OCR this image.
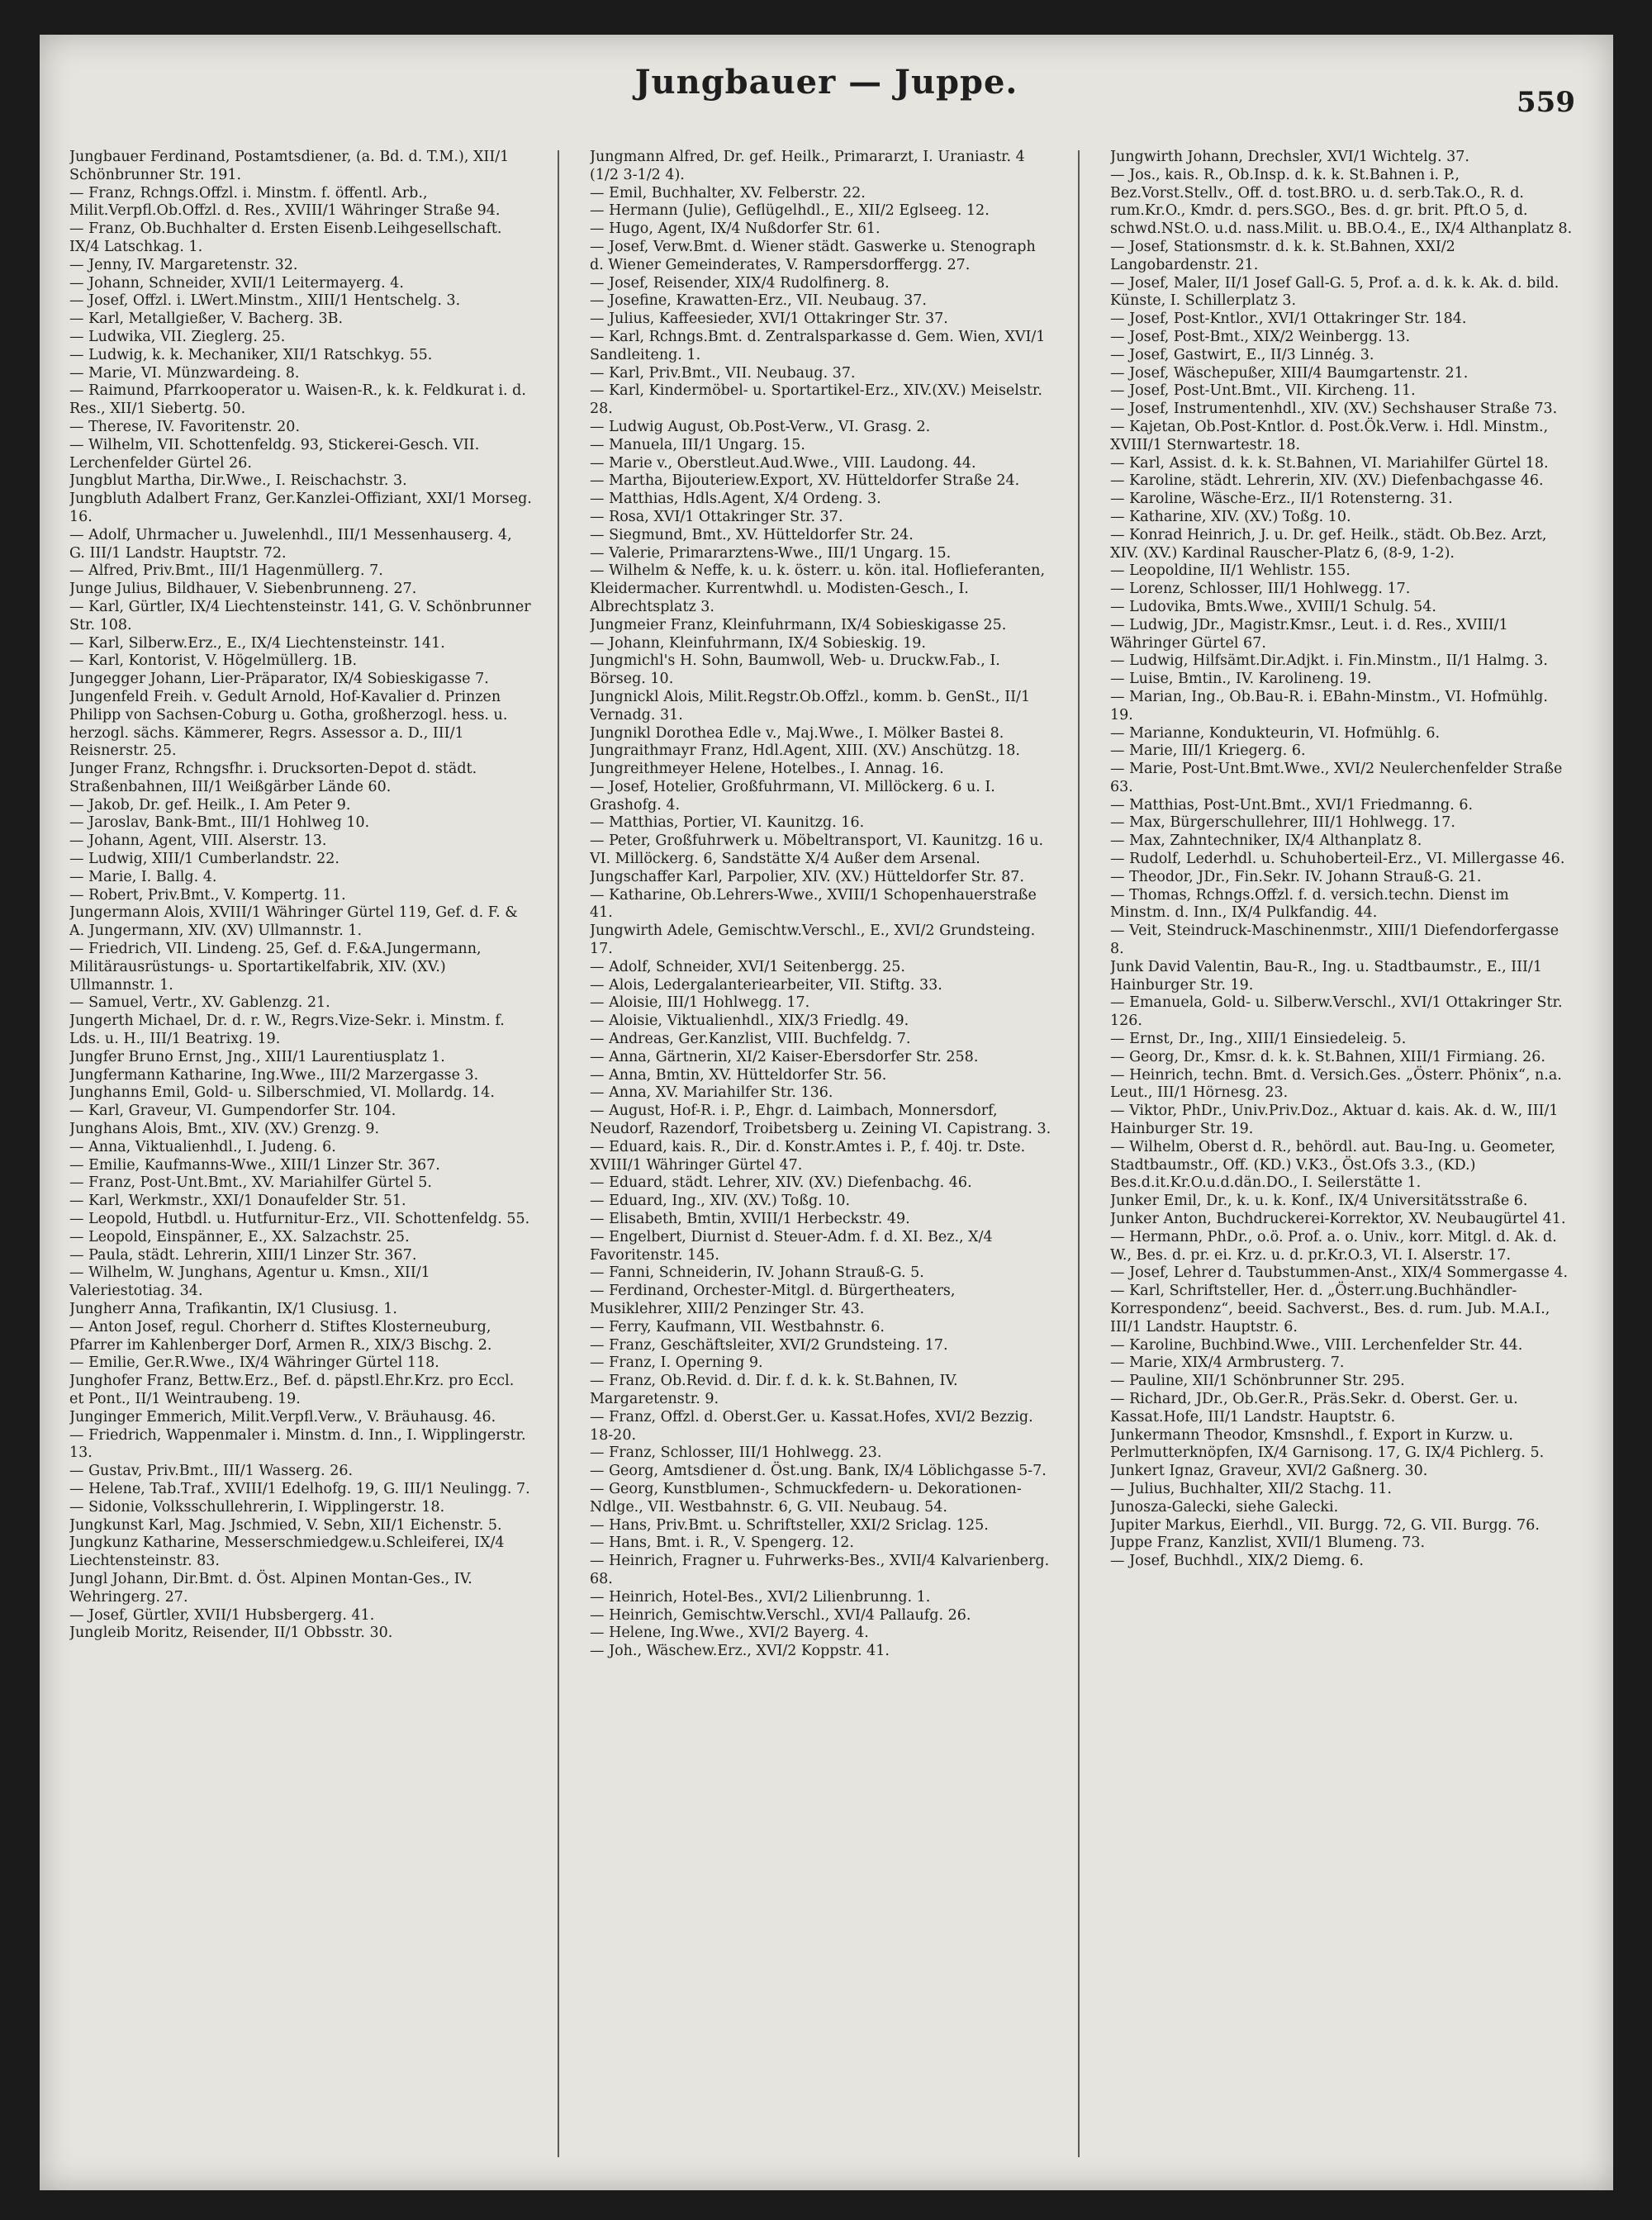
Jungbauer — Juppe.
559
Jungbauer Ferdinand, Postamtsdiener, (a. Bd. d. T.M.), XII/1 Schönbrunner Str. 191.
— Franz, Rchngs.Offzl. i. Minstm. f. öffentl. Arb., Milit.Verpfl.Ob.Offzl. d. Res., XVIII/1 Währinger Straße 94.
— Franz, Ob.Buchhalter d. Ersten Eisenb.Leihgesellschaft. IX/4 Latschkag. 1.
— Jenny, IV. Margaretenstr. 32.
— Johann, Schneider, XVII/1 Leitermayerg. 4.
— Josef, Offzl. i. LWert.Minstm., XIII/1 Hentschelg. 3.
— Karl, Metallgießer, V. Bacherg. 3B.
— Ludwika, VII. Zieglerg. 25.
— Ludwig, k. k. Mechaniker, XII/1 Ratschkyg. 55.
— Marie, VI. Münzwardeing. 8.
— Raimund, Pfarrkooperator u. Waisen-R., k. k. Feldkurat i. d. Res., XII/1 Siebertg. 50.
— Therese, IV. Favoritenstr. 20.
— Wilhelm, VII. Schottenfeldg. 93, Stickerei-Gesch. VII. Lerchenfelder Gürtel 26.
Jungblut Martha, Dir.Wwe., I. Reischachstr. 3.
Jungbluth Adalbert Franz, Ger.Kanzlei-Offiziant, XXI/1 Morseg. 16.
— Adolf, Uhrmacher u. Juwelenhdl., III/1 Messenhauserg. 4, G. III/1 Landstr. Hauptstr. 72.
— Alfred, Priv.Bmt., III/1 Hagenmüllerg. 7.
Junge Julius, Bildhauer, V. Siebenbrunneng. 27.
— Karl, Gürtler, IX/4 Liechtensteinstr. 141, G. V. Schönbrunner Str. 108.
— Karl, Silberw.Erz., E., IX/4 Liechtensteinstr. 141.
— Karl, Kontorist, V. Högelmüllerg. 1B.
Jungegger Johann, Lier-Präparator, IX/4 Sobieskigasse 7.
Jungenfeld Freih. v. Gedult Arnold, Hof-Kavalier d. Prinzen Philipp von Sachsen-Coburg u. Gotha, großherzogl. hess. u. herzogl. sächs. Kämmerer, Regrs. Assessor a. D., III/1 Reisnerstr. 25.
Junger Franz, Rchngsfhr. i. Drucksorten-Depot d. städt. Straßenbahnen, III/1 Weißgärber Lände 60.
— Jakob, Dr. gef. Heilk., I. Am Peter 9.
— Jaroslav, Bank-Bmt., III/1 Hohlweg 10.
— Johann, Agent, VIII. Alserstr. 13.
— Ludwig, XIII/1 Cumberlandstr. 22.
— Marie, I. Ballg. 4.
— Robert, Priv.Bmt., V. Kompertg. 11.
Jungermann Alois, XVIII/1 Währinger Gürtel 119, Gef. d. F. & A. Jungermann, XIV. (XV) Ullmannstr. 1.
— Friedrich, VII. Lindeng. 25, Gef. d. F.&A.Jungermann, Militärausrüstungs- u. Sportartikelfabrik, XIV. (XV.) Ullmannstr. 1.
— Samuel, Vertr., XV. Gablenzg. 21.
Jungerth Michael, Dr. d. r. W., Regrs.Vize-Sekr. i. Minstm. f. Lds. u. H., III/1 Beatrixg. 19.
Jungfer Bruno Ernst, Jng., XIII/1 Laurentiusplatz 1.
Jungfermann Katharine, Ing.Wwe., III/2 Marzergasse 3.
Junghanns Emil, Gold- u. Silberschmied, VI. Mollardg. 14.
— Karl, Graveur, VI. Gumpendorfer Str. 104.
Junghans Alois, Bmt., XIV. (XV.) Grenzg. 9.
— Anna, Viktualienhdl., I. Judeng. 6.
— Emilie, Kaufmanns-Wwe., XIII/1 Linzer Str. 367.
— Franz, Post-Unt.Bmt., XV. Mariahilfer Gürtel 5.
— Karl, Werkmstr., XXI/1 Donaufelder Str. 51.
— Leopold, Hutbdl. u. Hutfurnitur-Erz., VII. Schottenfeldg. 55.
— Leopold, Einspänner, E., XX. Salzachstr. 25.
— Paula, städt. Lehrerin, XIII/1 Linzer Str. 367.
— Wilhelm, W. Junghans, Agentur u. Kmsn., XII/1 Valeriestotiag. 34.
Jungherr Anna, Trafikantin, IX/1 Clusiusg. 1.
— Anton Josef, regul. Chorherr d. Stiftes Klosterneuburg, Pfarrer im Kahlenberger Dorf, Armen R., XIX/3 Bischg. 2.
— Emilie, Ger.R.Wwe., IX/4 Währinger Gürtel 118.
Junghofer Franz, Bettw.Erz., Bef. d. päpstl.Ehr.Krz. pro Eccl. et Pont., II/1 Weintraubeng. 19.
Junginger Emmerich, Milit.Verpfl.Verw., V. Bräuhausg. 46.
— Friedrich, Wappenmaler i. Minstm. d. Inn., I. Wipplingerstr. 13.
— Gustav, Priv.Bmt., III/1 Wasserg. 26.
— Helene, Tab.Traf., XVIII/1 Edelhofg. 19, G. III/1 Neulingg. 7.
— Sidonie, Volksschullehrerin, I. Wipplingerstr. 18.
Jungkunst Karl, Mag. Jschmied, V. Sebn, XII/1 Eichenstr. 5.
Jungkunz Katharine, Messerschmiedgew.u.Schleiferei, IX/4 Liechtensteinstr. 83.
Jungl Johann, Dir.Bmt. d. Öst. Alpinen Montan-Ges., IV. Wehringerg. 27.
— Josef, Gürtler, XVII/1 Hubsbergerg. 41.
Jungleib Moritz, Reisender, II/1 Obbsstr. 30.
Jungmann Alfred, Dr. gef. Heilk., Primararzt, I. Uraniastr. 4 (1/2 3-1/2 4).
— Emil, Buchhalter, XV. Felberstr. 22.
— Hermann (Julie), Geflügelhdl., E., XII/2 Eglseeg. 12.
— Hugo, Agent, IX/4 Nußdorfer Str. 61.
— Josef, Verw.Bmt. d. Wiener städt. Gaswerke u. Stenograph d. Wiener Gemeinderates, V. Rampersdorffergg. 27.
— Josef, Reisender, XIX/4 Rudolfinerg. 8.
— Josefine, Krawatten-Erz., VII. Neubaug. 37.
— Julius, Kaffeesieder, XVI/1 Ottakringer Str. 37.
— Karl, Rchngs.Bmt. d. Zentralsparkasse d. Gem. Wien, XVI/1 Sandleiteng. 1.
— Karl, Priv.Bmt., VII. Neubaug. 37.
— Karl, Kindermöbel- u. Sportartikel-Erz., XIV.(XV.) Meiselstr. 28.
— Ludwig August, Ob.Post-Verw., VI. Grasg. 2.
— Manuela, III/1 Ungarg. 15.
— Marie v., Oberstleut.Aud.Wwe., VIII. Laudong. 44.
— Martha, Bijouteriew.Export, XV. Hütteldorfer Straße 24.
— Matthias, Hdls.Agent, X/4 Ordeng. 3.
— Rosa, XVI/1 Ottakringer Str. 37.
— Siegmund, Bmt., XV. Hütteldorfer Str. 24.
— Valerie, Primararztens-Wwe., III/1 Ungarg. 15.
— Wilhelm & Neffe, k. u. k. österr. u. kön. ital. Hoflieferanten, Kleidermacher. Kurrentwhdl. u. Modisten-Gesch., I. Albrechtsplatz 3.
Jungmeier Franz, Kleinfuhrmann, IX/4 Sobieskigasse 25.
— Johann, Kleinfuhrmann, IX/4 Sobieskig. 19.
Jungmichl's H. Sohn, Baumwoll, Web- u. Druckw.Fab., I. Börseg. 10.
Jungnickl Alois, Milit.Regstr.Ob.Offzl., komm. b. GenSt., II/1 Vernadg. 31.
Jungnikl Dorothea Edle v., Maj.Wwe., I. Mölker Bastei 8.
Jungraithmayr Franz, Hdl.Agent, XIII. (XV.) Anschützg. 18.
Jungreithmeyer Helene, Hotelbes., I. Annag. 16.
— Josef, Hotelier, Großfuhrmann, VI. Millöckerg. 6 u. I. Grashofg. 4.
— Matthias, Portier, VI. Kaunitzg. 16.
— Peter, Großfuhrwerk u. Möbeltransport, VI. Kaunitzg. 16 u. VI. Millöckerg. 6, Sandstätte X/4 Außer dem Arsenal.
Jungschaffer Karl, Parpolier, XIV. (XV.) Hütteldorfer Str. 87.
— Katharine, Ob.Lehrers-Wwe., XVIII/1 Schopenhauerstraße 41.
Jungwirth Adele, Gemischtw.Verschl., E., XVI/2 Grundsteing. 17.
— Adolf, Schneider, XVI/1 Seitenbergg. 25.
— Alois, Ledergalanteriearbeiter, VII. Stiftg. 33.
— Aloisie, III/1 Hohlwegg. 17.
— Aloisie, Viktualienhdl., XIX/3 Friedlg. 49.
— Andreas, Ger.Kanzlist, VIII. Buchfeldg. 7.
— Anna, Gärtnerin, XI/2 Kaiser-Ebersdorfer Str. 258.
— Anna, Bmtin, XV. Hütteldorfer Str. 56.
— Anna, XV. Mariahilfer Str. 136.
— August, Hof-R. i. P., Ehgr. d. Laimbach, Monnersdorf, Neudorf, Razendorf, Troibetsberg u. Zeining VI. Capistrang. 3.
— Eduard, kais. R., Dir. d. Konstr.Amtes i. P., f. 40j. tr. Dste. XVIII/1 Währinger Gürtel 47.
— Eduard, städt. Lehrer, XIV. (XV.) Diefenbachg. 46.
— Eduard, Ing., XIV. (XV.) Toßg. 10.
— Elisabeth, Bmtin, XVIII/1 Herbeckstr. 49.
— Engelbert, Diurnist d. Steuer-Adm. f. d. XI. Bez., X/4 Favoritenstr. 145.
— Fanni, Schneiderin, IV. Johann Strauß-G. 5.
— Ferdinand, Orchester-Mitgl. d. Bürgertheaters, Musiklehrer, XIII/2 Penzinger Str. 43.
— Ferry, Kaufmann, VII. Westbahnstr. 6.
— Franz, Geschäftsleiter, XVI/2 Grundsteing. 17.
— Franz, I. Operning 9.
— Franz, Ob.Revid. d. Dir. f. d. k. k. St.Bahnen, IV. Margaretenstr. 9.
— Franz, Offzl. d. Oberst.Ger. u. Kassat.Hofes, XVI/2 Bezzig. 18-20.
— Franz, Schlosser, III/1 Hohlwegg. 23.
— Georg, Amtsdiener d. Öst.ung. Bank, IX/4 Löblichgasse 5-7.
— Georg, Kunstblumen-, Schmuckfedern- u. Dekorationen-Ndlge., VII. Westbahnstr. 6, G. VII. Neubaug. 54.
— Hans, Priv.Bmt. u. Schriftsteller, XXI/2 Sriclag. 125.
— Hans, Bmt. i. R., V. Spengerg. 12.
— Heinrich, Fragner u. Fuhrwerks-Bes., XVII/4 Kalvarienberg. 68.
— Heinrich, Hotel-Bes., XVI/2 Lilienbrunng. 1.
— Heinrich, Gemischtw.Verschl., XVI/4 Pallaufg. 26.
— Helene, Ing.Wwe., XVI/2 Bayerg. 4.
— Joh., Wäschew.Erz., XVI/2 Koppstr. 41.
Jungwirth Johann, Drechsler, XVI/1 Wichtelg. 37.
— Jos., kais. R., Ob.Insp. d. k. k. St.Bahnen i. P., Bez.Vorst.Stellv., Off. d. tost.BRO. u. d. serb.Tak.O., R. d. rum.Kr.O., Kmdr. d. pers.SGO., Bes. d. gr. brit. Pft.O 5, d. schwd.NSt.O. u.d. nass.Milit. u. BB.O.4., E., IX/4 Althanplatz 8.
— Josef, Stationsmstr. d. k. k. St.Bahnen, XXI/2 Langobardenstr. 21.
— Josef, Maler, II/1 Josef Gall-G. 5, Prof. a. d. k. k. Ak. d. bild. Künste, I. Schillerplatz 3.
— Josef, Post-Kntlor., XVI/1 Ottakringer Str. 184.
— Josef, Post-Bmt., XIX/2 Weinbergg. 13.
— Josef, Gastwirt, E., II/3 Linnég. 3.
— Josef, Wäschepußer, XIII/4 Baumgartenstr. 21.
— Josef, Post-Unt.Bmt., VII. Kircheng. 11.
— Josef, Instrumentenhdl., XIV. (XV.) Sechshauser Straße 73.
— Kajetan, Ob.Post-Kntlor. d. Post.Ök.Verw. i. Hdl. Minstm., XVIII/1 Sternwartestr. 18.
— Karl, Assist. d. k. k. St.Bahnen, VI. Mariahilfer Gürtel 18.
— Karoline, städt. Lehrerin, XIV. (XV.) Diefenbachgasse 46.
— Karoline, Wäsche-Erz., II/1 Rotensterng. 31.
— Katharine, XIV. (XV.) Toßg. 10.
— Konrad Heinrich, J. u. Dr. gef. Heilk., städt. Ob.Bez. Arzt, XIV. (XV.) Kardinal Rauscher-Platz 6, (8-9, 1-2).
— Leopoldine, II/1 Wehlistr. 155.
— Lorenz, Schlosser, III/1 Hohlwegg. 17.
— Ludovika, Bmts.Wwe., XVIII/1 Schulg. 54.
— Ludwig, JDr., Magistr.Kmsr., Leut. i. d. Res., XVIII/1 Währinger Gürtel 67.
— Ludwig, Hilfsämt.Dir.Adjkt. i. Fin.Minstm., II/1 Halmg. 3.
— Luise, Bmtin., IV. Karolineng. 19.
— Marian, Ing., Ob.Bau-R. i. EBahn-Minstm., VI. Hofmühlg. 19.
— Marianne, Kondukteurin, VI. Hofmühlg. 6.
— Marie, III/1 Kriegerg. 6.
— Marie, Post-Unt.Bmt.Wwe., XVI/2 Neulerchenfelder Straße 63.
— Matthias, Post-Unt.Bmt., XVI/1 Friedmanng. 6.
— Max, Bürgerschullehrer, III/1 Hohlwegg. 17.
— Max, Zahntechniker, IX/4 Althanplatz 8.
— Rudolf, Lederhdl. u. Schuhoberteil-Erz., VI. Millergasse 46.
— Theodor, JDr., Fin.Sekr. IV. Johann Strauß-G. 21.
— Thomas, Rchngs.Offzl. f. d. versich.techn. Dienst im Minstm. d. Inn., IX/4 Pulkfandig. 44.
— Veit, Steindruck-Maschinenmstr., XIII/1 Diefendorfergasse 8.
Junk David Valentin, Bau-R., Ing. u. Stadtbaumstr., E., III/1 Hainburger Str. 19.
— Emanuela, Gold- u. Silberw.Verschl., XVI/1 Ottakringer Str. 126.
— Ernst, Dr., Ing., XIII/1 Einsiedeleig. 5.
— Georg, Dr., Kmsr. d. k. k. St.Bahnen, XIII/1 Firmiang. 26.
— Heinrich, techn. Bmt. d. Versich.Ges. „Österr. Phönix“, n.a. Leut., III/1 Hörnesg. 23.
— Viktor, PhDr., Univ.Priv.Doz., Aktuar d. kais. Ak. d. W., III/1 Hainburger Str. 19.
— Wilhelm, Oberst d. R., behördl. aut. Bau-Ing. u. Geometer, Stadtbaumstr., Off. (KD.) V.K3., Öst.Ofs 3.3., (KD.) Bes.d.it.Kr.O.u.d.dän.DO., I. Seilerstätte 1.
Junker Emil, Dr., k. u. k. Konf., IX/4 Universitätsstraße 6.
Junker Anton, Buchdruckerei-Korrektor, XV. Neubaugürtel 41.
— Hermann, PhDr., o.ö. Prof. a. o. Univ., korr. Mitgl. d. Ak. d. W., Bes. d. pr. ei. Krz. u. d. pr.Kr.O.3, VI. I. Alserstr. 17.
— Josef, Lehrer d. Taubstummen-Anst., XIX/4 Sommergasse 4.
— Karl, Schriftsteller, Her. d. „Österr.ung.Buchhändler-Korrespondenz“, beeid. Sachverst., Bes. d. rum. Jub. M.A.I., III/1 Landstr. Hauptstr. 6.
— Karoline, Buchbind.Wwe., VIII. Lerchenfelder Str. 44.
— Marie, XIX/4 Armbrusterg. 7.
— Pauline, XII/1 Schönbrunner Str. 295.
— Richard, JDr., Ob.Ger.R., Präs.Sekr. d. Oberst. Ger. u. Kassat.Hofe, III/1 Landstr. Hauptstr. 6.
Junkermann Theodor, Kmsnshdl., f. Export in Kurzw. u. Perlmutterknöpfen, IX/4 Garnisong. 17, G. IX/4 Pichlerg. 5.
Junkert Ignaz, Graveur, XVI/2 Gaßnerg. 30.
— Julius, Buchhalter, XII/2 Stachg. 11.
Junosza-Galecki, siehe Galecki.
Jupiter Markus, Eierhdl., VII. Burgg. 72, G. VII. Burgg. 76.
Juppe Franz, Kanzlist, XVII/1 Blumeng. 73.
— Josef, Buchhdl., XIX/2 Diemg. 6.
